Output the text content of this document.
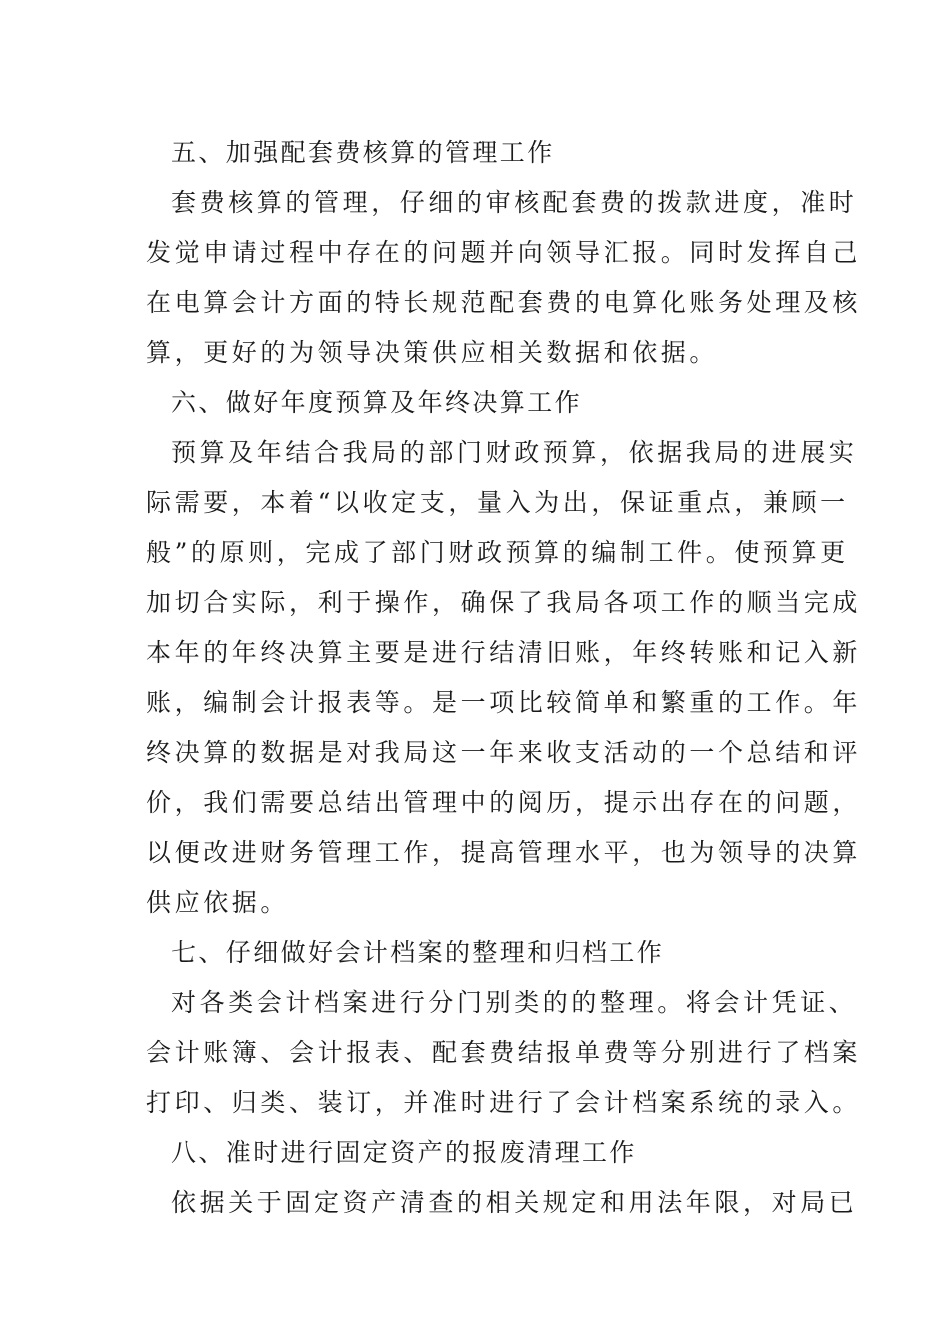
五、加强配套费核算的管理工作
套费核算的管理，仔细的审核配套费的拨款进度，准时
发觉申请过程中存在的问题并向领导汇报。同时发挥自己
在电算会计方面的特长规范配套费的电算化账务处理及核
算，更好的为领导决策供应相关数据和依据。
六、做好年度预算及年终决算工作
预算及年结合我局的部门财政预算，依据我局的进展实
际需要，本着“以收定支，量入为出，保证重点，兼顾一
般”的原则，完成了部门财政预算的编制工件。使预算更
加切合实际，利于操作，确保了我局各项工作的顺当完成
本年的年终决算主要是进行结清旧账，年终转账和记入新
账，编制会计报表等。是一项比较简单和繁重的工作。年
终决算的数据是对我局这一年来收支活动的一个总结和评
价，我们需要总结出管理中的阅历，提示出存在的问题，
以便改进财务管理工作，提高管理水平，也为领导的决算
供应依据。
七、仔细做好会计档案的整理和归档工作
对各类会计档案进行分门别类的的整理。将会计凭证、
会计账簿、会计报表、配套费结报单费等分别进行了档案
打印、归类、装订，并准时进行了会计档案系统的录入。
八、准时进行固定资产的报废清理工作
依据关于固定资产清查的相关规定和用法年限，对局已
